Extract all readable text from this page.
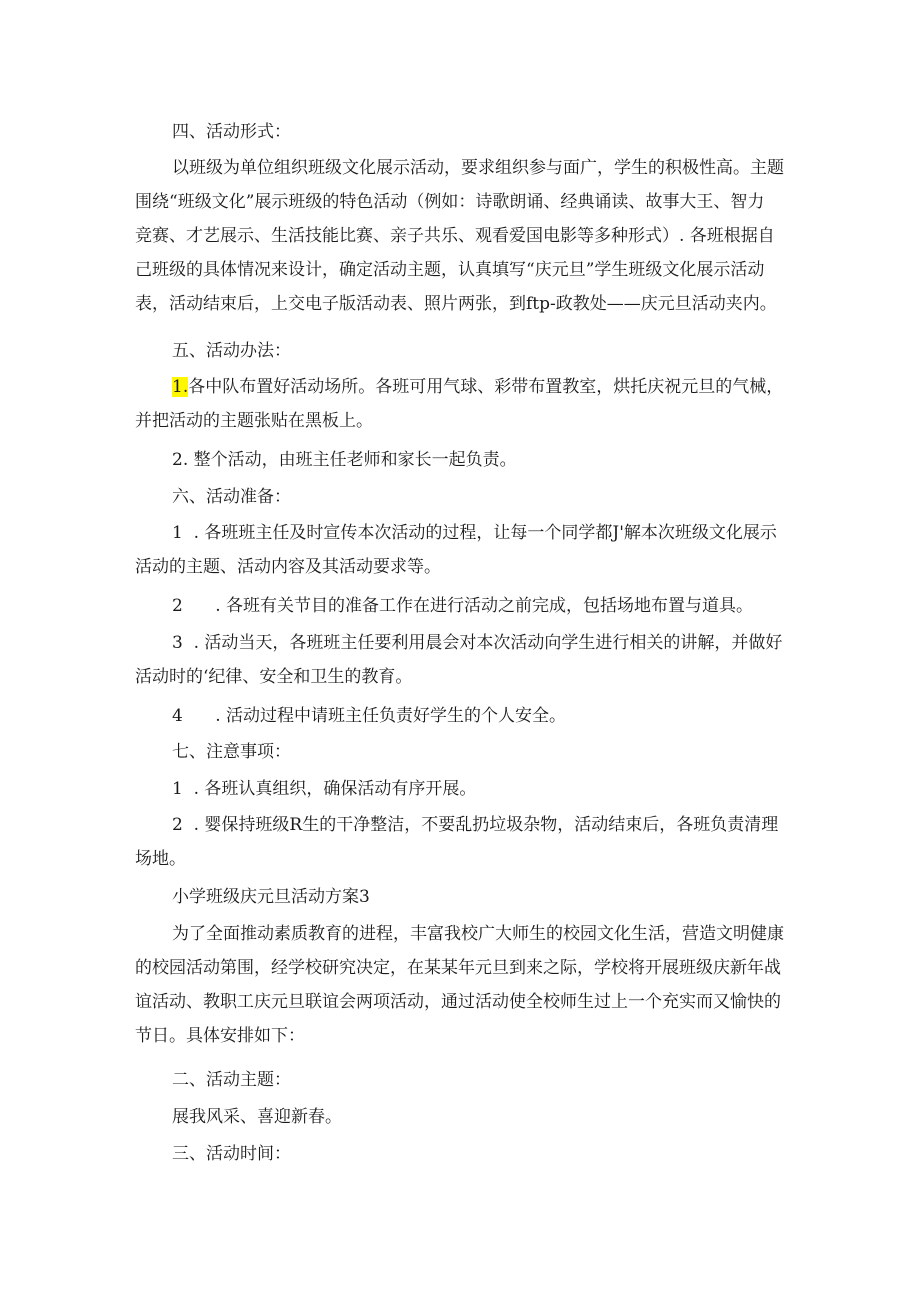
四、活动形式：

以班级为单位组织班级文化展示活动，要求组织参与面广，学生的积极性高。主题
围绕“班级文化”展示班级的特色活动（例如：诗歌朗诵、经典诵读、故事大王、智力
竞赛、才艺展示、生活技能比赛、亲子共乐、观看爱国电影等多种形式）. 各班根据自
己班级的具体情况来设计，确定活动主题，认真填写“庆元旦”学生班级文化展示活动
表，活动结束后，上交电子版活动表、照片两张，到ftp-政教处——庆元旦活动夹内。

五、活动办法：

1.各中队布置好活动场所。各班可用气球、彩带布置教室，烘托庆祝元旦的气械，
并把活动的主题张贴在黑板上。

2. 整个活动，由班主任老师和家长一起负责。

六、活动准备：

1  . 各班班主任及时宣传本次活动的过程，让每一个同学都J'解本次班级文化展示
活动的主题、活动内容及其活动要求等。

2      . 各班有关节目的准备工作在进行活动之前完成，包括场地布置与道具。

3  . 活动当天，各班班主任要利用晨会对本次活动向学生进行相关的讲解，并做好
活动时的‘纪律、安全和卫生的教育。

4      . 活动过程中请班主任负责好学生的个人安全。

七、注意事项：

1  . 各班认真组织，确保活动有序开展。

2  . 婴保持班级R生的干净整洁，不要乱扔垃圾杂物，活动结束后，各班负责清理
场地。

小学班级庆元旦活动方案3

为了全面推动素质教育的进程，丰富我校广大师生的校园文化生活，营造文明健康
的校园活动第围，经学校研究决定，在某某年元旦到来之际，学校将开展班级庆新年战
谊活动、教职工庆元旦联谊会两项活动，通过活动使全校师生过上一个充实而又愉快的
节日。具体安排如下：

二、活动主题：

展我风采、喜迎新春。

三、活动时间：
